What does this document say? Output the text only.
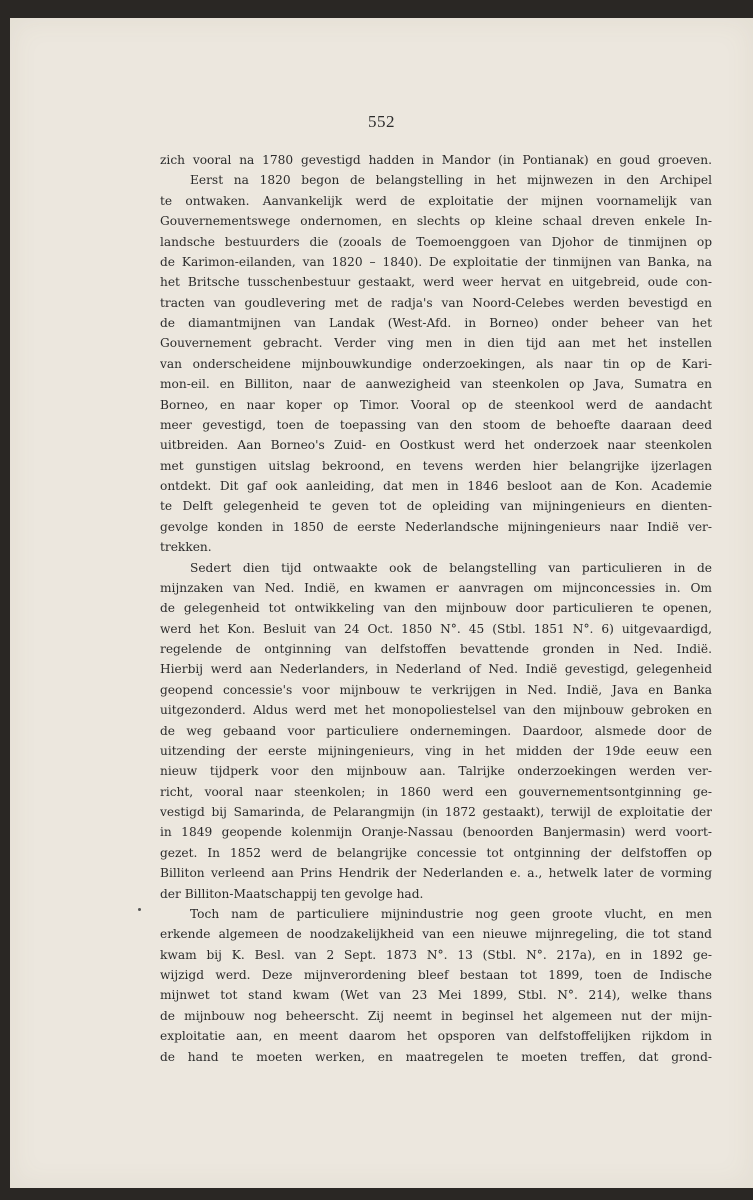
552
zich vooral na 1780 gevestigd hadden in Mandor (in Pontianak) en goud groeven.
Eerst na 1820 begon de belangstelling in het mijnwezen in den Archipel
te ontwaken. Aanvankelijk werd de exploitatie der mijnen voornamelijk van
Gouvernementswege ondernomen, en slechts op kleine schaal dreven enkele In-
landsche bestuurders die (zooals de Toemoenggoen van Djohor de tinmijnen op
de Karimon-eilanden, van 1820 – 1840). De exploitatie der tinmijnen van Banka, na
het Britsche tusschenbestuur gestaakt, werd weer hervat en uitgebreid, oude con-
tracten van goudlevering met de radja's van Noord-Celebes werden bevestigd en
de diamantmijnen van Landak (West-Afd. in Borneo) onder beheer van het
Gouvernement gebracht. Verder ving men in dien tijd aan met het instellen
van onderscheidene mijnbouwkundige onderzoekingen, als naar tin op de Kari-
mon-eil. en Billiton, naar de aanwezigheid van steenkolen op Java, Sumatra en
Borneo, en naar koper op Timor. Vooral op de steenkool werd de aandacht
meer gevestigd, toen de toepassing van den stoom de behoefte daaraan deed
uitbreiden. Aan Borneo's Zuid- en Oostkust werd het onderzoek naar steenkolen
met gunstigen uitslag bekroond, en tevens werden hier belangrijke ijzerlagen
ontdekt. Dit gaf ook aanleiding, dat men in 1846 besloot aan de Kon. Academie
te Delft gelegenheid te geven tot de opleiding van mijningenieurs en dienten-
gevolge konden in 1850 de eerste Nederlandsche mijningenieurs naar Indië ver-
trekken.
Sedert dien tijd ontwaakte ook de belangstelling van particulieren in de
mijnzaken van Ned. Indië, en kwamen er aanvragen om mijnconcessies in. Om
de gelegenheid tot ontwikkeling van den mijnbouw door particulieren te openen,
werd het Kon. Besluit van 24 Oct. 1850 N°. 45 (Stbl. 1851 N°. 6) uitgevaardigd,
regelende de ontginning van delfstoffen bevattende gronden in Ned. Indië.
Hierbij werd aan Nederlanders, in Nederland of Ned. Indië gevestigd, gelegenheid
geopend concessie's voor mijnbouw te verkrijgen in Ned. Indië, Java en Banka
uitgezonderd. Aldus werd met het monopoliestelsel van den mijnbouw gebroken en
de weg gebaand voor particuliere ondernemingen. Daardoor, alsmede door de
uitzending der eerste mijningenieurs, ving in het midden der 19de eeuw een
nieuw tijdperk voor den mijnbouw aan. Talrijke onderzoekingen werden ver-
richt, vooral naar steenkolen; in 1860 werd een gouvernementsontginning ge-
vestigd bij Samarinda, de Pelarangmijn (in 1872 gestaakt), terwijl de exploitatie der
in 1849 geopende kolenmijn Oranje-Nassau (benoorden Banjermasin) werd voort-
gezet. In 1852 werd de belangrijke concessie tot ontginning der delfstoffen op
Billiton verleend aan Prins Hendrik der Nederlanden e. a., hetwelk later de vorming
der Billiton-Maatschappij ten gevolge had.
Toch nam de particuliere mijnindustrie nog geen groote vlucht, en men
erkende algemeen de noodzakelijkheid van een nieuwe mijnregeling, die tot stand
kwam bij K. Besl. van 2 Sept. 1873 N°. 13 (Stbl. N°. 217a), en in 1892 ge-
wijzigd werd. Deze mijnverordening bleef bestaan tot 1899, toen de Indische
mijnwet tot stand kwam (Wet van 23 Mei 1899, Stbl. N°. 214), welke thans
de mijnbouw nog beheerscht. Zij neemt in beginsel het algemeen nut der mijn-
exploitatie aan, en meent daarom het opsporen van delfstoffelijken rijkdom in
de hand te moeten werken, en maatregelen te moeten treffen, dat grond-
